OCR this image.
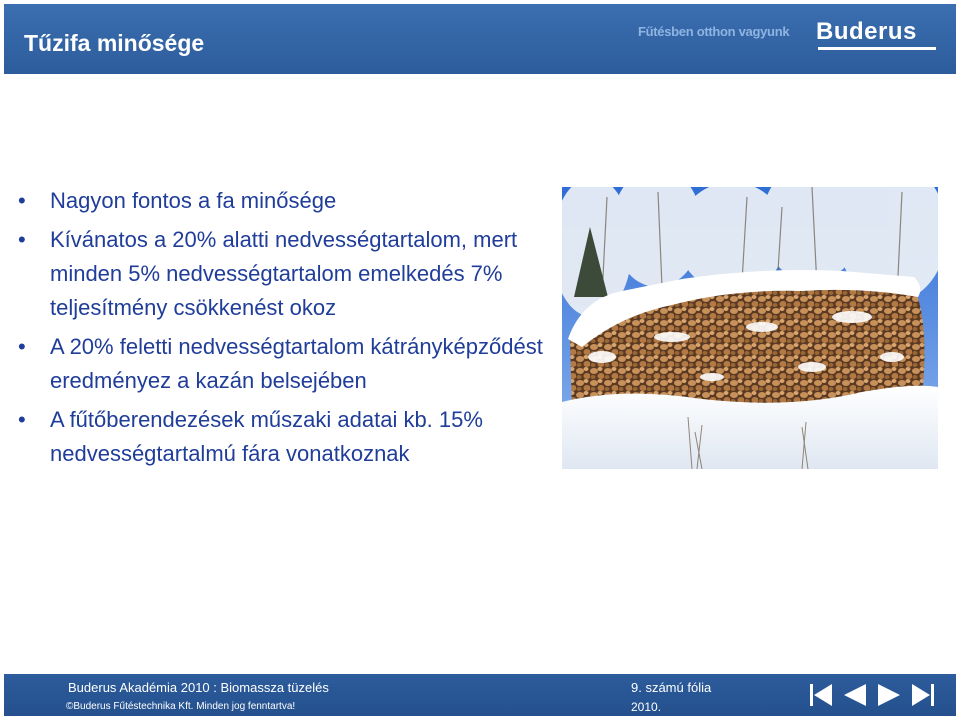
Tűzifa minősége	Fűtésben otthon vagyunk Buderus
• Nagyon fontos a fa minősége
• Kívánatos a 20% alatti nedvességtartalom, mert minden 5% nedvességtartalom emelkedés 7% teljesítmény csökkenést okoz
• A 20% feletti nedvességtartalom kátrányképződést eredményez a kazán belsejében
• A fűtőberendezések műszaki adatai kb. 15% nedvességtartalmú fára vonatkoznak
Buderus Akadémia 2010 : Biomassza tüzelés
©Buderus Fűtéstechnika Kft. Minden jog fenntartva!
9. számú fólia
2010.
